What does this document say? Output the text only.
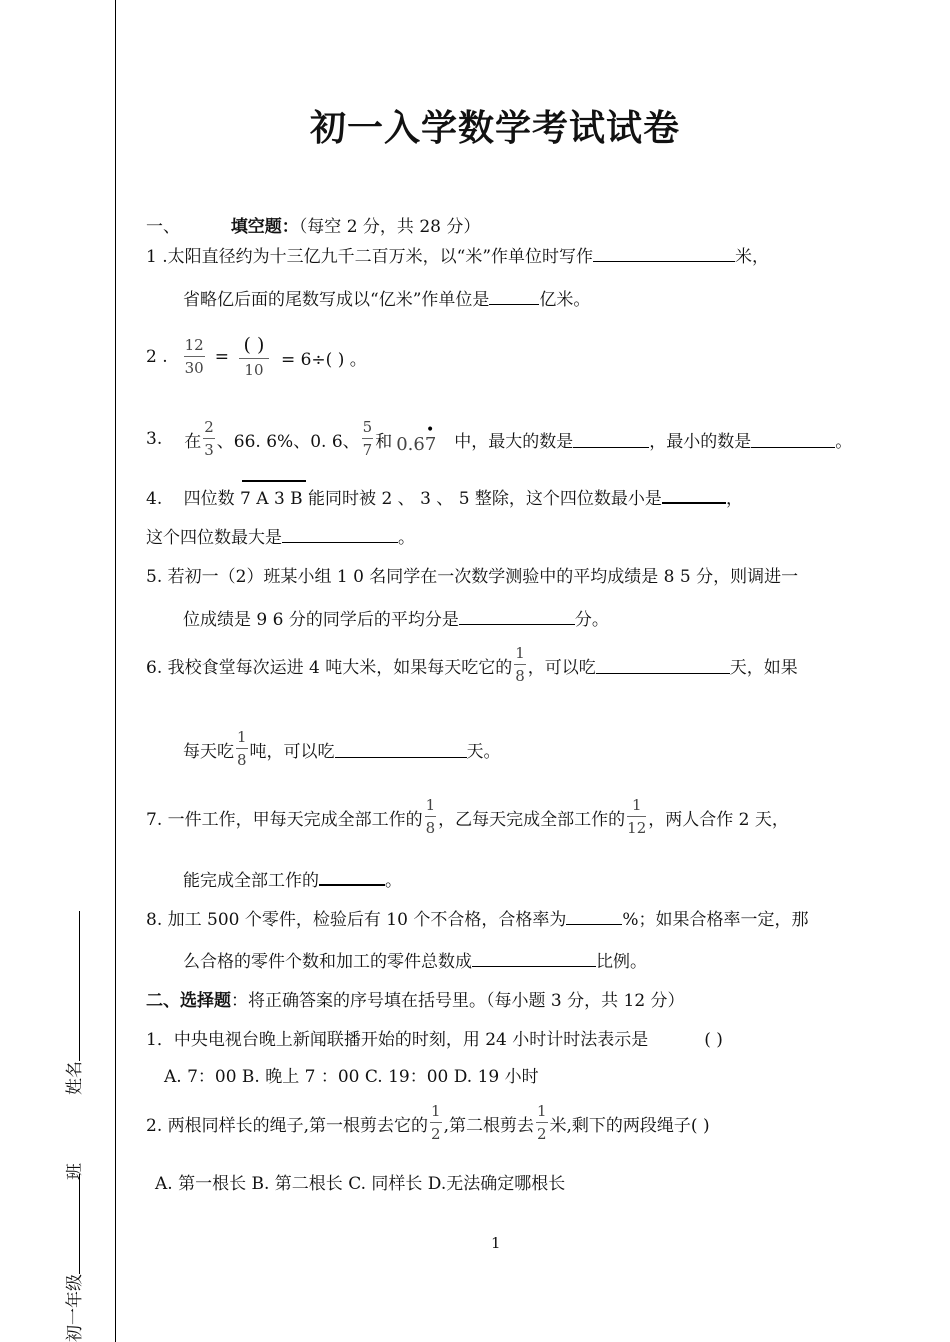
姓名
班
初一年级
初一入学数学考试试卷
一、	填空题：（每空 2 分，共 28 分）
1 .太阳直径约为十三亿九千二百万米，以“米”作单位时写作	米，
省略亿后面的尾数写成以“亿米”作单位是	亿米。
2 . $\frac{12}{30} = \frac{( )}{10} = 6\div$( ) 。
3. 在 $\frac{2}{3}$ 、66. 6%、0. 6、 $\frac{5}{7}$ 和 0.67
•
中，最大的数是	，最小的数是	。
4. 四位数 7 A 3 B 能同时被 2 、 3 、 5 整除，这个四位数最小是	，
这个四位数最大是	。
5. 若初一（2）班某小组 1 0 名同学在一次数学测验中的平均成绩是 8 5 分，则调进一
位成绩是 9 6 分的同学后的平均分是	分。
6. 我校食堂每次运进 4 吨大米，如果每天吃它的 $\frac{1}{8}$ ，可以吃	天，如果
每天吃 $\frac{1}{8}$ 吨，可以吃	天。
7. 一件工作，甲每天完成全部工作的 $\frac{1}{8}$ ，乙每天完成全部工作的 $\frac{1}{12}$ ，两人合作 2 天，
能完成全部工作的	。
8. 加工 500 个零件，检验后有 10 个不合格，合格率为	%；如果合格率一定，那
么合格的零件个数和加工的零件总数成	比例。
二、选择题：将正确答案的序号填在括号里。（每小题 3 分，共 12 分）
1．中央电视台晚上新闻联播开始的时刻，用 24 小时计时法表示是	( )
A. 7：00 B. 晚上 7 ：00 C. 19：00 D. 19 小时
2. 两根同样长的绳子,第一根剪去它的 $\frac{1}{2}$ ,第二根剪去 $\frac{1}{2}$ 米,剩下的两段绳子( )
A. 第一根长 B. 第二根长 C. 同样长 D.无法确定哪根长
1
